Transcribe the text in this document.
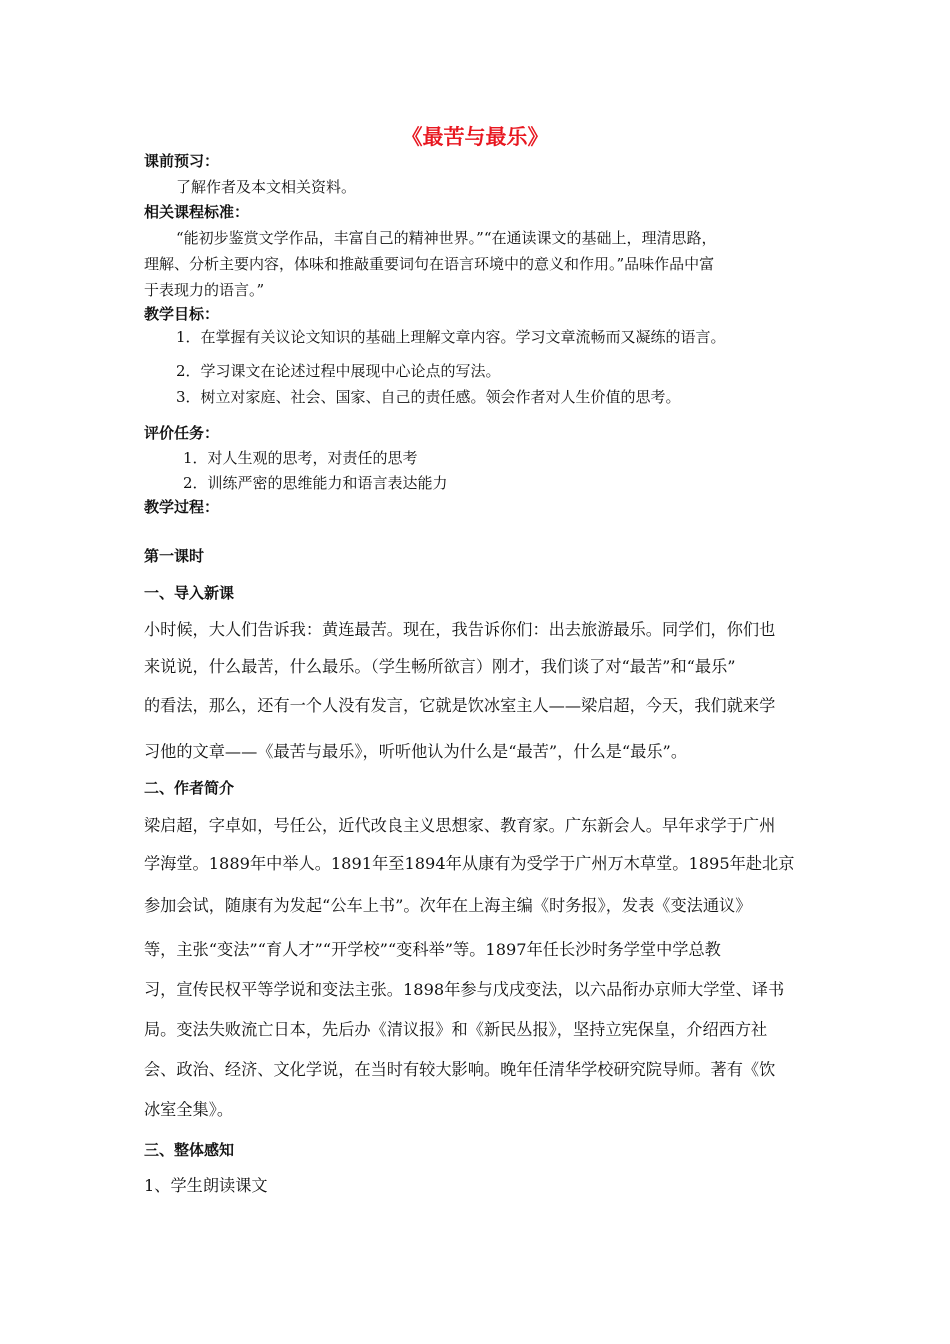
《最苦与最乐》
课前预习：
了解作者及本文相关资料。
相关课程标准：
“能初步鉴赏文学作品，丰富自己的精神世界。”“在通读课文的基础上，理清思路，
理解、分析主要内容，体味和推敲重要词句在语言环境中的意义和作用。”品味作品中富
于表现力的语言。”
教学目标：
1．在掌握有关议论文知识的基础上理解文章内容。学习文章流畅而又凝练的语言。
2．学习课文在论述过程中展现中心论点的写法。
3．树立对家庭、社会、国家、自己的责任感。领会作者对人生价值的思考。
评价任务：
1．对人生观的思考，对责任的思考
2．训练严密的思维能力和语言表达能力
教学过程：
第一课时
一、导入新课
小时候，大人们告诉我：黄连最苦。现在，我告诉你们：出去旅游最乐。同学们，你们也
来说说，什么最苦，什么最乐。（学生畅所欲言）刚才，我们谈了对“最苦”和“最乐”
的看法，那么，还有一个人没有发言，它就是饮冰室主人——梁启超，今天，我们就来学
习他的文章——《最苦与最乐》，听听他认为什么是“最苦”，什么是“最乐”。
二、作者简介
梁启超，字卓如，号任公，近代改良主义思想家、教育家。广东新会人。早年求学于广州
学海堂。1889年中举人。1891年至1894年从康有为受学于广州万木草堂。1895年赴北京
参加会试，随康有为发起“公车上书”。次年在上海主编《时务报》，发表《变法通议》
等，主张“变法”“育人才”“开学校”“变科举”等。1897年任长沙时务学堂中学总教
习，宣传民权平等学说和变法主张。1898年参与戊戌变法，以六品衔办京师大学堂、译书
局。变法失败流亡日本，先后办《清议报》和《新民丛报》，坚持立宪保皇，介绍西方社
会、政治、经济、文化学说，在当时有较大影响。晚年任清华学校研究院导师。著有《饮
冰室全集》。
三、整体感知
1、学生朗读课文
